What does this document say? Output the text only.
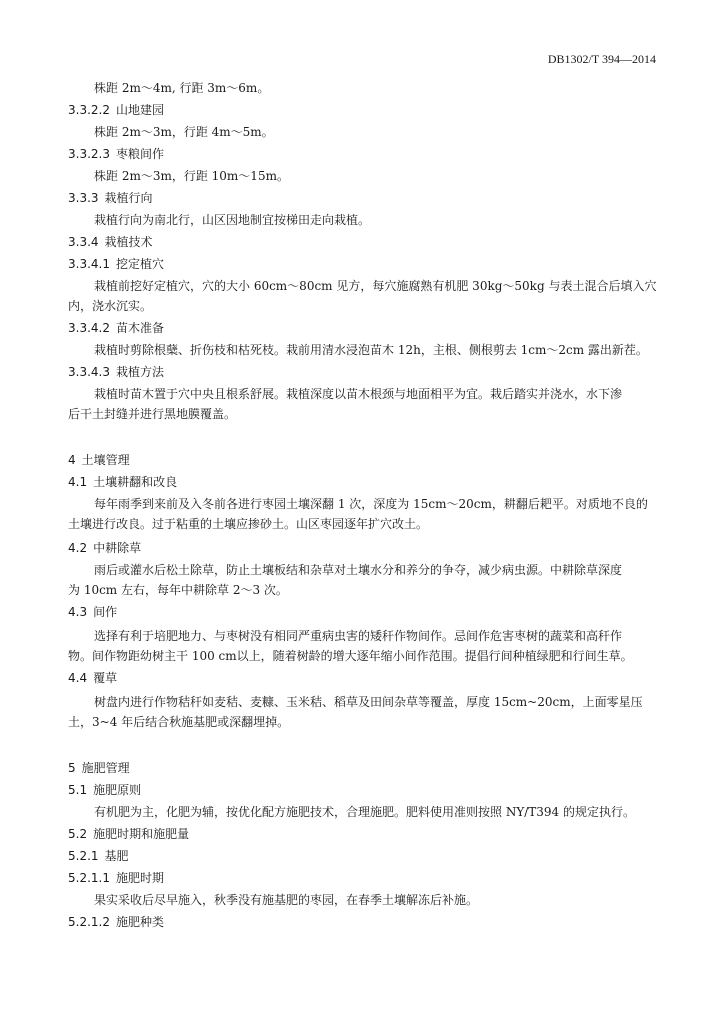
DB1302/T 394—2014
株距 2m～4m, 行距 3m～6m。
3.3.2.2 山地建园
株距 2m～3m，行距 4m～5m。
3.3.2.3 枣粮间作
株距 2m～3m，行距 10m～15m。
3.3.3 栽植行向
栽植行向为南北行，山区因地制宜按梯田走向栽植。
3.3.4 栽植技术
3.3.4.1 挖定植穴
栽植前挖好定植穴，穴的大小 60cm～80cm 见方，每穴施腐熟有机肥 30kg～50kg 与表土混合后填入穴
内，浇水沉实。
3.3.4.2 苗木准备
栽植时剪除根蘖、折伤枝和枯死枝。栽前用清水浸泡苗木 12h，主根、侧根剪去 1cm～2cm 露出新茬。
3.3.4.3 栽植方法
栽植时苗木置于穴中央且根系舒展。栽植深度以苗木根颈与地面相平为宜。栽后踏实并浇水，水下渗
后干土封缝并进行黑地膜覆盖。
4 土壤管理
4.1 土壤耕翻和改良
每年雨季到来前及入冬前各进行枣园土壤深翻 1 次，深度为 15cm～20cm，耕翻后耙平。对质地不良的
土壤进行改良。过于粘重的土壤应掺砂土。山区枣园逐年扩穴改土。
4.2 中耕除草
雨后或灌水后松土除草，防止土壤板结和杂草对土壤水分和养分的争夺，减少病虫源。中耕除草深度
为 10cm 左右，每年中耕除草 2～3 次。
4.3 间作
选择有利于培肥地力、与枣树没有相同严重病虫害的矮秆作物间作。忌间作危害枣树的蔬菜和高秆作
物。间作物距幼树主干 100 cm以上，随着树龄的增大逐年缩小间作范围。提倡行间种植绿肥和行间生草。
4.4 覆草
树盘内进行作物秸秆如麦秸、麦糠、玉米秸、稻草及田间杂草等覆盖，厚度 15cm~20cm，上面零星压
土，3~4 年后结合秋施基肥或深翻埋掉。
5 施肥管理
5.1 施肥原则
有机肥为主，化肥为辅，按优化配方施肥技术，合理施肥。肥料使用准则按照 NY/T394 的规定执行。
5.2 施肥时期和施肥量
5.2.1 基肥
5.2.1.1 施肥时期
果实采收后尽早施入，秋季没有施基肥的枣园，在春季土壤解冻后补施。
5.2.1.2 施肥种类
